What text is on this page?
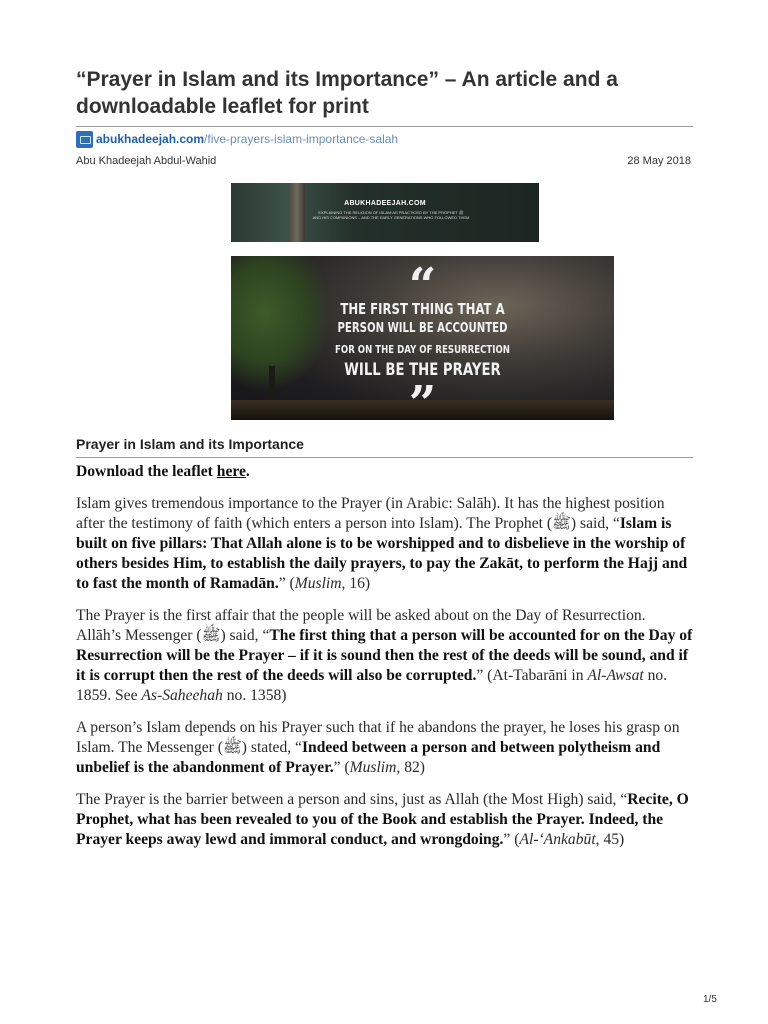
“Prayer in Islam and its Importance” – An article and a downloadable leaflet for print
abukhadeejah.com /five-prayers-islam-importance-salah
Abu Khadeejah Abdul-Wahid	28 May 2018
ABUKHADEEJAH.COM
EXPLAINING THE RELIGION OF ISLAM AS PRACTICED BY THE PROPHET ﷺ
AND HIS COMPANIONS – AND THE EARLY GENERATIONS WHO FOLLOWED THEM
“
THE FIRST THING THAT A
PERSON WILL BE ACCOUNTED
FOR ON THE DAY OF RESURRECTION
WILL BE THE PRAYER
”
Prayer in Islam and its Importance

Download the leaflet here.

Islam gives tremendous importance to the Prayer (in Arabic: Salāh). It has the highest position after the testimony of faith (which enters a person into Islam). The Prophet (ﷺ) said, “Islam is built on five pillars: That Allah alone is to be worshipped and to disbelieve in the worship of others besides Him, to establish the daily prayers, to pay the Zakāt, to perform the Hajj and to fast the month of Ramadān.” (Muslim, 16)

The Prayer is the first affair that the people will be asked about on the Day of Resurrection. Allāh’s Messenger (ﷺ) said, “The first thing that a person will be accounted for on the Day of Resurrection will be the Prayer – if it is sound then the rest of the deeds will be sound, and if it is corrupt then the rest of the deeds will also be corrupted.” (At-Tabarāni in Al-Awsat no. 1859. See As-Saheehah no. 1358)

A person’s Islam depends on his Prayer such that if he abandons the prayer, he loses his grasp on Islam. The Messenger (ﷺ) stated, “Indeed between a person and between polytheism and unbelief is the abandonment of Prayer.” (Muslim, 82)

The Prayer is the barrier between a person and sins, just as Allah (the Most High) said, “Recite, O Prophet, what has been revealed to you of the Book and establish the Prayer. Indeed, the Prayer keeps away lewd and immoral conduct, and wrongdoing.” (Al-‘Ankabūt, 45)

1/5
